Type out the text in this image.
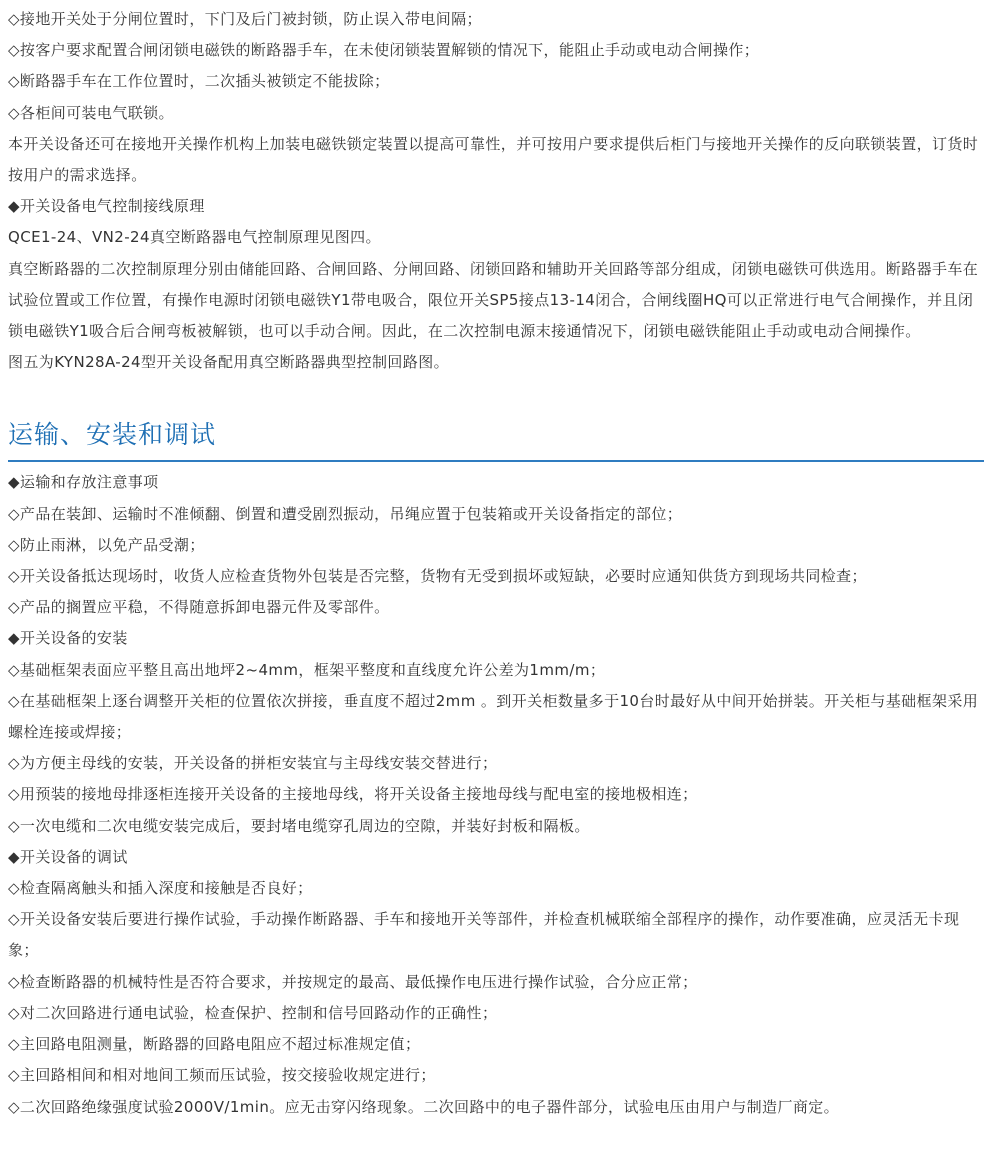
◇接地开关处于分闸位置时，下门及后门被封锁，防止误入带电间隔；

◇按客户要求配置合闸闭锁电磁铁的断路器手车，在未使闭锁装置解锁的情况下，能阻止手动或电动合闸操作；

◇断路器手车在工作位置时，二次插头被锁定不能拔除；

◇各柜间可装电气联锁。

本开关设备还可在接地开关操作机构上加装电磁铁锁定装置以提高可靠性，并可按用户要求提供后柜门与接地开关操作的反向联锁装置，订货时按用户的需求选择。

◆开关设备电气控制接线原理

QCE1-24、VN2-24真空断路器电气控制原理见图四。

真空断路器的二次控制原理分别由储能回路、合闸回路、分闸回路、闭锁回路和辅助开关回路等部分组成，闭锁电磁铁可供选用。断路器手车在试验位置或工作位置，有操作电源时闭锁电磁铁Y1带电吸合，限位开关SP5接点13-14闭合，合闸线圈HQ可以正常进行电气合闸操作，并且闭锁电磁铁Y1吸合后合闸弯板被解锁，也可以手动合闸。因此，在二次控制电源末接通情况下，闭锁电磁铁能阻止手动或电动合闸操作。

图五为KYN28A-24型开关设备配用真空断路器典型控制回路图。

运输、安装和调试

◆运输和存放注意事项

◇产品在装卸、运输时不准倾翻、倒置和遭受剧烈振动，吊绳应置于包装箱或开关设备指定的部位；

◇防止雨淋，以免产品受潮；

◇开关设备抵达现场时，收货人应检查货物外包装是否完整，货物有无受到损坏或短缺，必要时应通知供货方到现场共同检查；

◇产品的搁置应平稳，不得随意拆卸电器元件及零部件。

◆开关设备的安装

◇基础框架表面应平整且高出地坪2~4mm，框架平整度和直线度允许公差为1mm/m；

◇在基础框架上逐台调整开关柜的位置依次拼接，垂直度不超过2mm 。到开关柜数量多于10台时最好从中间开始拼装。开关柜与基础框架采用螺栓连接或焊接；

◇为方便主母线的安装，开关设备的拼柜安装宜与主母线安装交替进行；

◇用预装的接地母排逐柜连接开关设备的主接地母线，将开关设备主接地母线与配电室的接地极相连；

◇一次电缆和二次电缆安装完成后，要封堵电缆穿孔周边的空隙，并装好封板和隔板。

◆开关设备的调试

◇检查隔离触头和插入深度和接触是否良好；

◇开关设备安装后要进行操作试验，手动操作断路器、手车和接地开关等部件，并检查机械联缩全部程序的操作，动作要准确，应灵活无卡现象；

◇检查断路器的机械特性是否符合要求，并按规定的最高、最低操作电压进行操作试验，合分应正常；

◇对二次回路进行通电试验，检查保护、控制和信号回路动作的正确性；

◇主回路电阻测量，断路器的回路电阻应不超过标准规定值；

◇主回路相间和相对地间工频而压试验，按交接验收规定进行；

◇二次回路绝缘强度试验2000V/1min。应无击穿闪络现象。二次回路中的电子器件部分，试验电压由用户与制造厂商定。
